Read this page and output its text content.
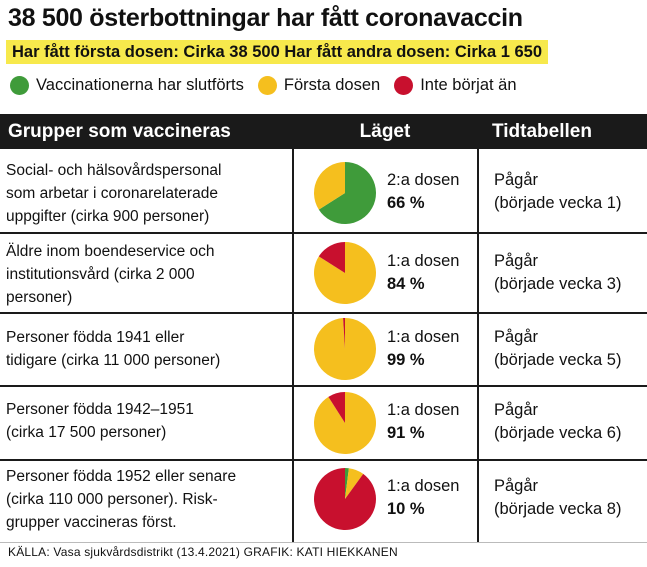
38 500 österbottningar har fått coronavaccin
Har fått första dosen: Cirka 38 500 Har fått andra dosen: Cirka 1 650
Vaccinationerna har slutförts Första dosen Inte börjat än
Grupper som vaccineras	Läget	Tidtabellen
Social- och hälsovårdspersonal
som arbetar i coronarelaterade
uppgifter (cirka 900 personer)
2:a dosen
66 %
Pågår
(började vecka 1)
Äldre inom boendeservice och
institutionsvård (cirka 2 000
personer)
1:a dosen
84 %
Pågår
(började vecka 3)
Personer födda 1941 eller
tidigare (cirka 11 000 personer)
1:a dosen
99 %
Pågår
(började vecka 5)
Personer födda 1942–1951
(cirka 17 500 personer)
1:a dosen
91 %
Pågår
(började vecka 6)
Personer födda 1952 eller senare
(cirka 110 000 personer). Risk-
grupper vaccineras först.
1:a dosen
10 %
Pågår
(började vecka 8)
KÄLLA: Vasa sjukvårdsdistrikt (13.4.2021) GRAFIK: KATI HIEKKANEN
